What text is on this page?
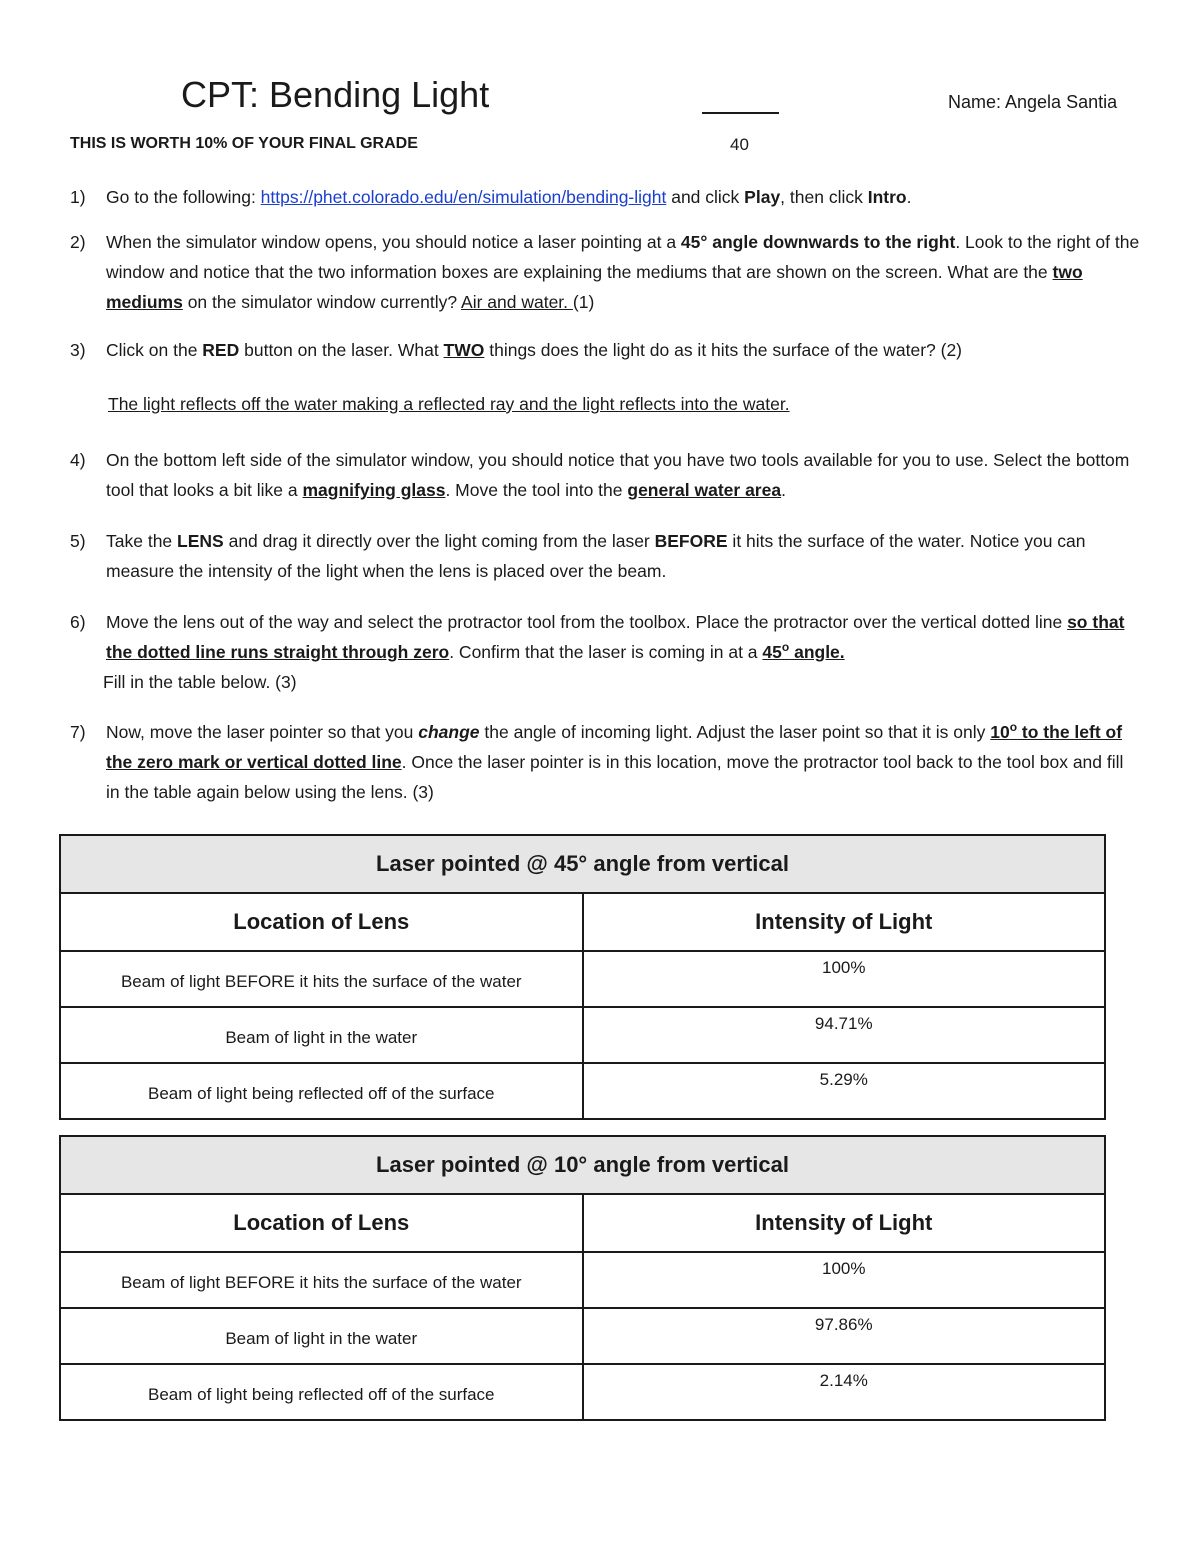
CPT: Bending Light	Name: Angela Santia
THIS IS WORTH 10% OF YOUR FINAL GRADE	40
1)	Go to the following: https://phet.colorado.edu/en/simulation/bending-light and click Play, then click Intro.
2)	When the simulator window opens, you should notice a laser pointing at a 45° angle downwards to the right. Look to the right of the window and notice that the two information boxes are explaining the mediums that are shown on the screen. What are the two mediums on the simulator window currently? Air and water. (1)
3)	Click on the RED button on the laser. What TWO things does the light do as it hits the surface of the water? (2)
The light reflects off the water making a reflected ray and the light reflects into the water.
4)	On the bottom left side of the simulator window, you should notice that you have two tools available for you to use. Select the bottom tool that looks a bit like a magnifying glass. Move the tool into the general water area.
5)	Take the LENS and drag it directly over the light coming from the laser BEFORE it hits the surface of the water. Notice you can measure the intensity of the light when the lens is placed over the beam.
6)	Move the lens out of the way and select the protractor tool from the toolbox. Place the protractor over the vertical dotted line so that the dotted line runs straight through zero. Confirm that the laser is coming in at a 45$^o$ angle.
Fill in the table below. (3)
7)	Now, move the laser pointer so that you change the angle of incoming light. Adjust the laser point so that it is only 10$^o$ to the left of the zero mark or vertical dotted line. Once the laser pointer is in this location, move the protractor tool back to the tool box and fill in the table again below using the lens. (3)
Laser pointed @ 45° angle from vertical	
Location of Lens	Intensity of Light
Beam of light BEFORE it hits the surface of the water	100%
Beam of light in the water	94.71%
Beam of light being reflected off of the surface	5.29%
Laser pointed @ 10° angle from vertical	
Location of Lens	Intensity of Light
Beam of light BEFORE it hits the surface of the water	100%
Beam of light in the water	97.86%
Beam of light being reflected off of the surface	2.14%
